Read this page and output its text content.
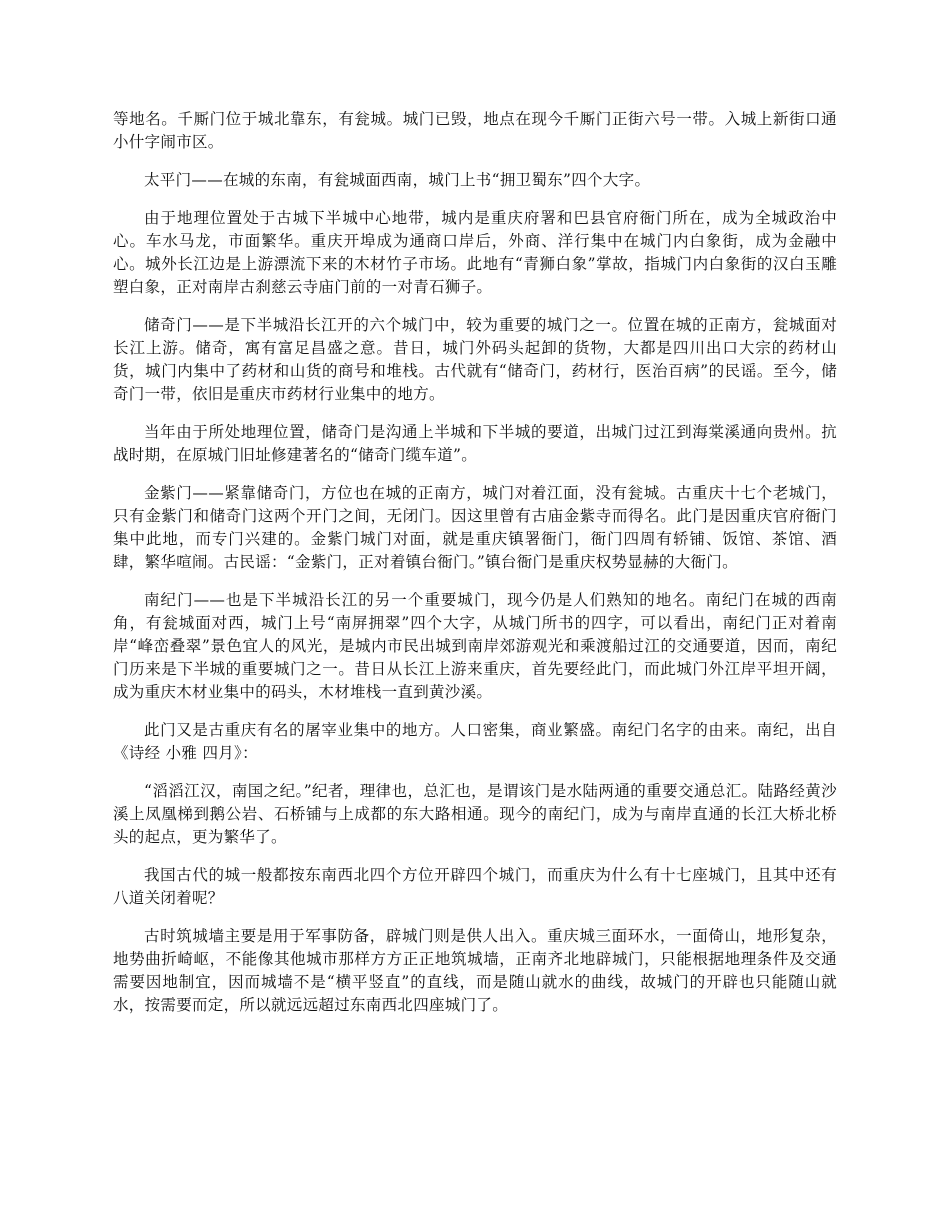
等地名。千厮门位于城北靠东，有瓮城。城门已毁，地点在现今千厮门正街六号一带。入城上新街口通小什字闹市区。

太平门——在城的东南，有瓮城面西南，城门上书“拥卫蜀东”四个大字。

由于地理位置处于古城下半城中心地带，城内是重庆府署和巴县官府衙门所在，成为全城政治中心。车水马龙，市面繁华。重庆开埠成为通商口岸后，外商、洋行集中在城门内白象街，成为金融中心。城外长江边是上游漂流下来的木材竹子市场。此地有“青狮白象”掌故，指城门内白象街的汉白玉雕塑白象，正对南岸古刹慈云寺庙门前的一对青石狮子。

储奇门——是下半城沿长江开的六个城门中，较为重要的城门之一。位置在城的正南方，瓮城面对长江上游。储奇，寓有富足昌盛之意。昔日，城门外码头起卸的货物，大都是四川出口大宗的药材山货，城门内集中了药材和山货的商号和堆栈。古代就有“储奇门，药材行，医治百病”的民谣。至今，储奇门一带，依旧是重庆市药材行业集中的地方。

当年由于所处地理位置，储奇门是沟通上半城和下半城的要道，出城门过江到海棠溪通向贵州。抗战时期，在原城门旧址修建著名的“储奇门缆车道”。

金紫门——紧靠储奇门，方位也在城的正南方，城门对着江面，没有瓮城。古重庆十七个老城门，只有金紫门和储奇门这两个开门之间，无闭门。因这里曾有古庙金紫寺而得名。此门是因重庆官府衙门集中此地，而专门兴建的。金紫门城门对面，就是重庆镇署衙门，衙门四周有轿铺、饭馆、茶馆、酒肆，繁华喧闹。古民谣：“金紫门，正对着镇台衙门。”镇台衙门是重庆权势显赫的大衙门。

南纪门——也是下半城沿长江的另一个重要城门，现今仍是人们熟知的地名。南纪门在城的西南角，有瓮城面对西，城门上号“南屏拥翠”四个大字，从城门所书的四字，可以看出，南纪门正对着南岸“峰峦叠翠”景色宜人的风光，是城内市民出城到南岸郊游观光和乘渡船过江的交通要道，因而，南纪门历来是下半城的重要城门之一。昔日从长江上游来重庆，首先要经此门，而此城门外江岸平坦开阔，成为重庆木材业集中的码头，木材堆栈一直到黄沙溪。

此门又是古重庆有名的屠宰业集中的地方。人口密集，商业繁盛。南纪门名字的由来。南纪，出自《诗经 小雅 四月》：

“滔滔江汉，南国之纪。”纪者，理律也，总汇也，是谓该门是水陆两通的重要交通总汇。陆路经黄沙溪上凤凰梯到鹅公岩、石桥铺与上成都的东大路相通。现今的南纪门，成为与南岸直通的长江大桥北桥头的起点，更为繁华了。

我国古代的城一般都按东南西北四个方位开辟四个城门，而重庆为什么有十七座城门，且其中还有八道关闭着呢？

古时筑城墙主要是用于军事防备，辟城门则是供人出入。重庆城三面环水，一面倚山，地形复杂，地势曲折崎岖，不能像其他城市那样方方正正地筑城墙，正南齐北地辟城门，只能根据地理条件及交通需要因地制宜，因而城墙不是“横平竖直”的直线，而是随山就水的曲线，故城门的开辟也只能随山就水，按需要而定，所以就远远超过东南西北四座城门了。
